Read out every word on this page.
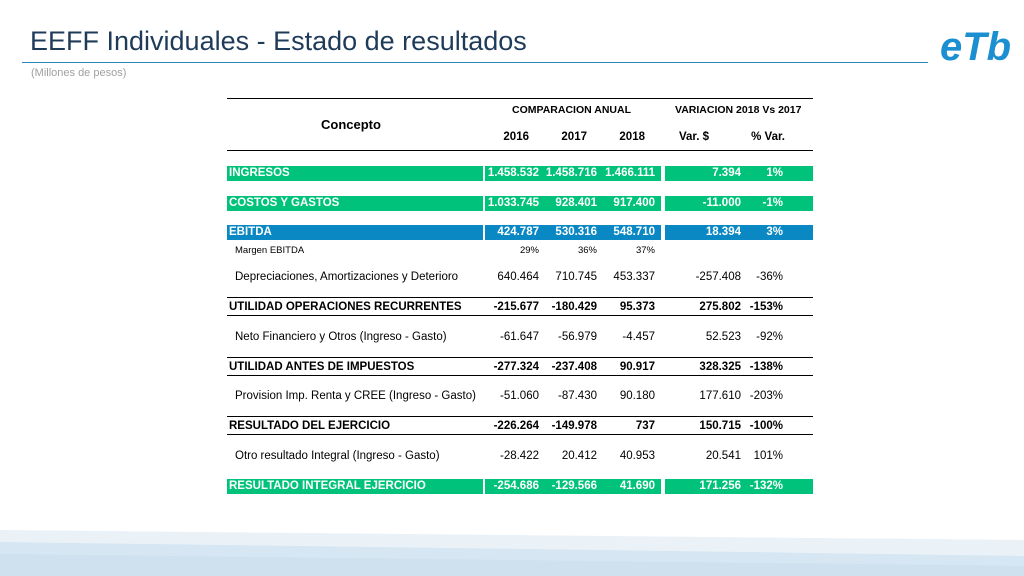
EEFF Individuales - Estado de resultados
(Millones de pesos)
eTb
Concepto
COMPARACION ANUAL	VARIACION 2018 Vs 2017
2016	2017	2018	Var. $	% Var.
INGRESOS	1.458.532 1.458.716 1.466.111	7.394	1%
COSTOS Y GASTOS	1.033.745	928.401	917.400	-11.000	-1%
EBITDA	424.787	530.316	548.710	18.394	3%
Margen EBITDA	29%	36%	37%
Depreciaciones, Amortizaciones y Deterioro	640.464	710.745	453.337	-257.408	-36%
UTILIDAD OPERACIONES RECURRENTES	-215.677	-180.429	95.373	275.802 -153%
Neto Financiero y Otros (Ingreso - Gasto)	-61.647	-56.979	-4.457	52.523	-92%
UTILIDAD ANTES DE IMPUESTOS	-277.324	-237.408	90.917	328.325 -138%
Provision Imp. Renta y CREE (Ingreso - Gasto)	-51.060	-87.430	90.180	177.610 -203%
RESULTADO DEL EJERCICIO	-226.264	-149.978	737	150.715 -100%
Otro resultado Integral (Ingreso - Gasto)	-28.422	20.412	40.953	20.541	101%
RESULTADO INTEGRAL EJERCICIO	-254.686	-129.566	41.690	171.256 -132%
